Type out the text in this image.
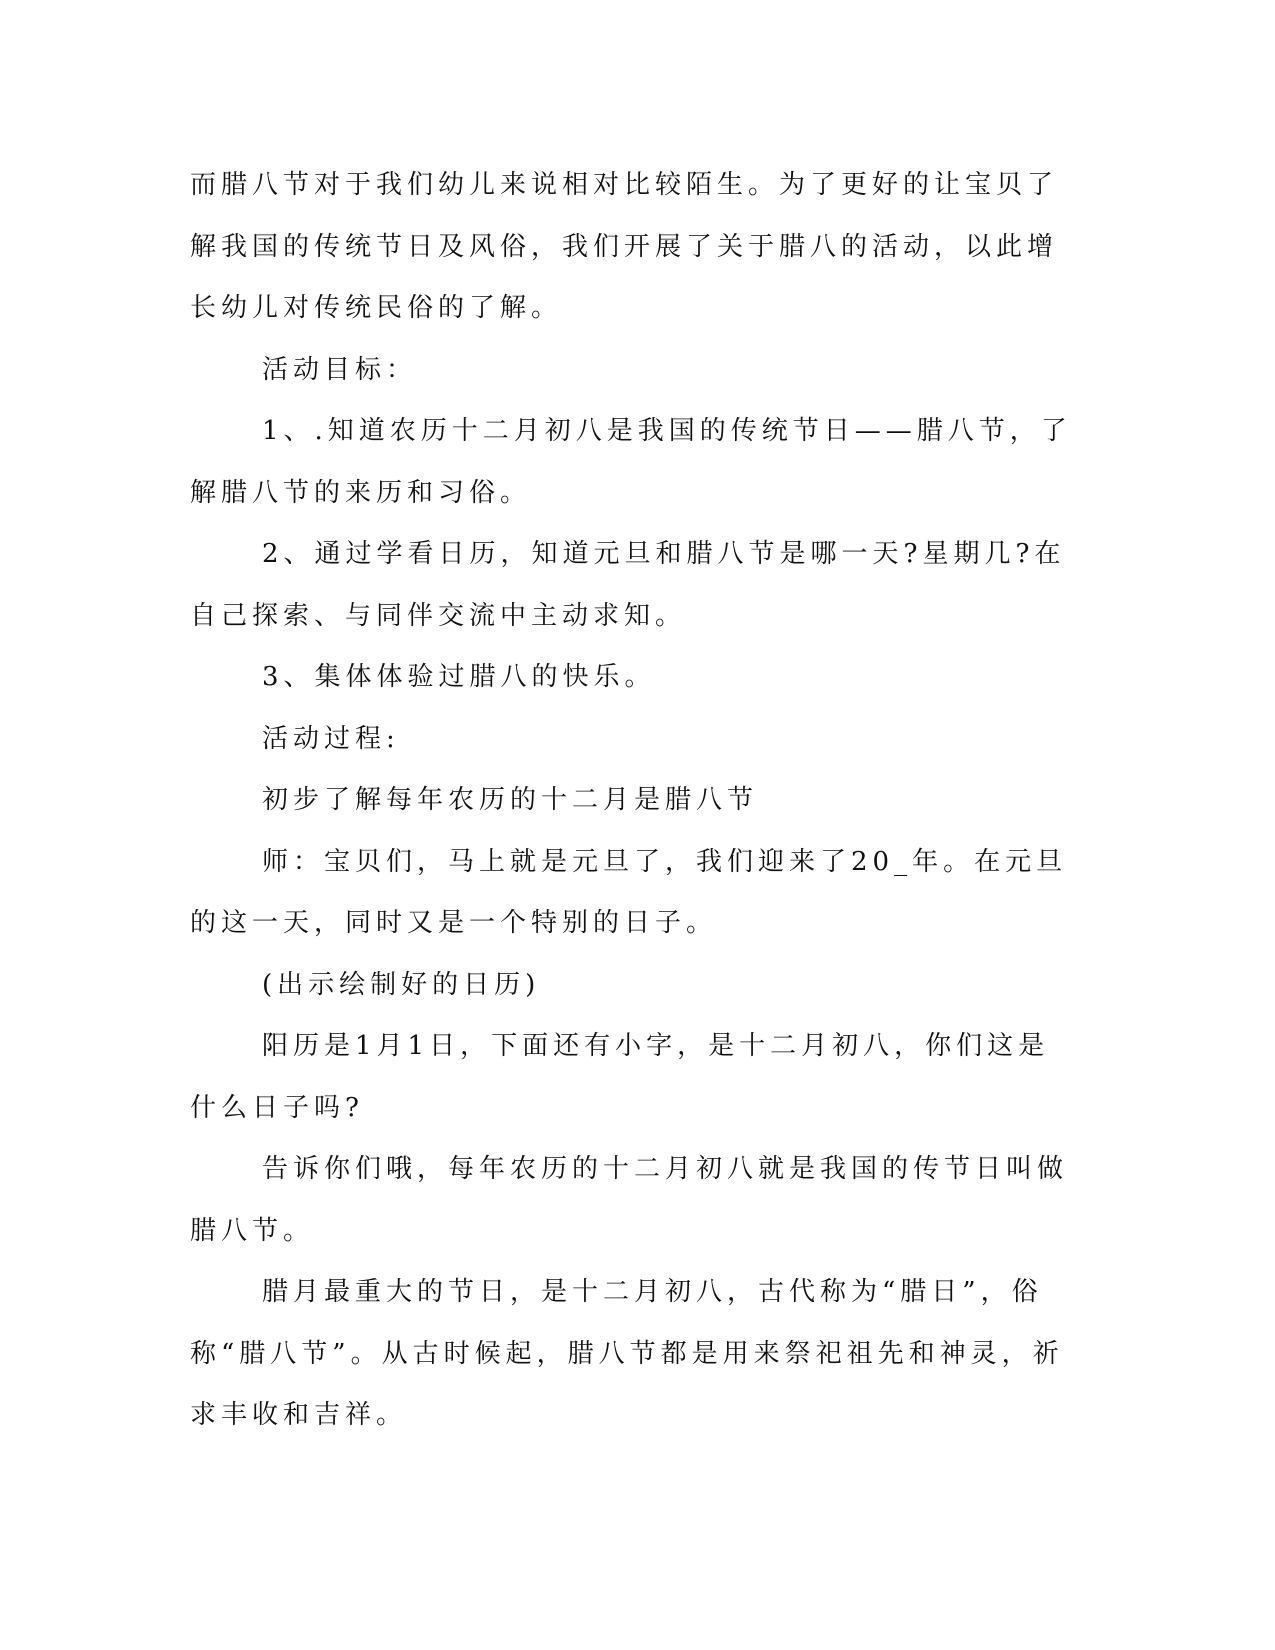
而腊八节对于我们幼儿来说相对比较陌生。为了更好的让宝贝了解我国的传统节日及风俗，我们开展了关于腊八的活动，以此增长幼儿对传统民俗的了解。

活动目标：

1、.知道农历十二月初八是我国的传统节日——腊八节，了解腊八节的来历和习俗。

2、通过学看日历，知道元旦和腊八节是哪一天?星期几?在自己探索、与同伴交流中主动求知。

3、集体体验过腊八的快乐。

活动过程:

初步了解每年农历的十二月是腊八节

师：宝贝们，马上就是元旦了，我们迎来了20_年。在元旦的这一天，同时又是一个特别的日子。

(出示绘制好的日历)

阳历是1月1日，下面还有小字，是十二月初八，你们这是什么日子吗?

告诉你们哦，每年农历的十二月初八就是我国的传节日叫做腊八节。

腊月最重大的节日，是十二月初八，古代称为“腊日”，俗称“腊八节”。从古时候起，腊八节都是用来祭祀祖先和神灵，祈求丰收和吉祥。
